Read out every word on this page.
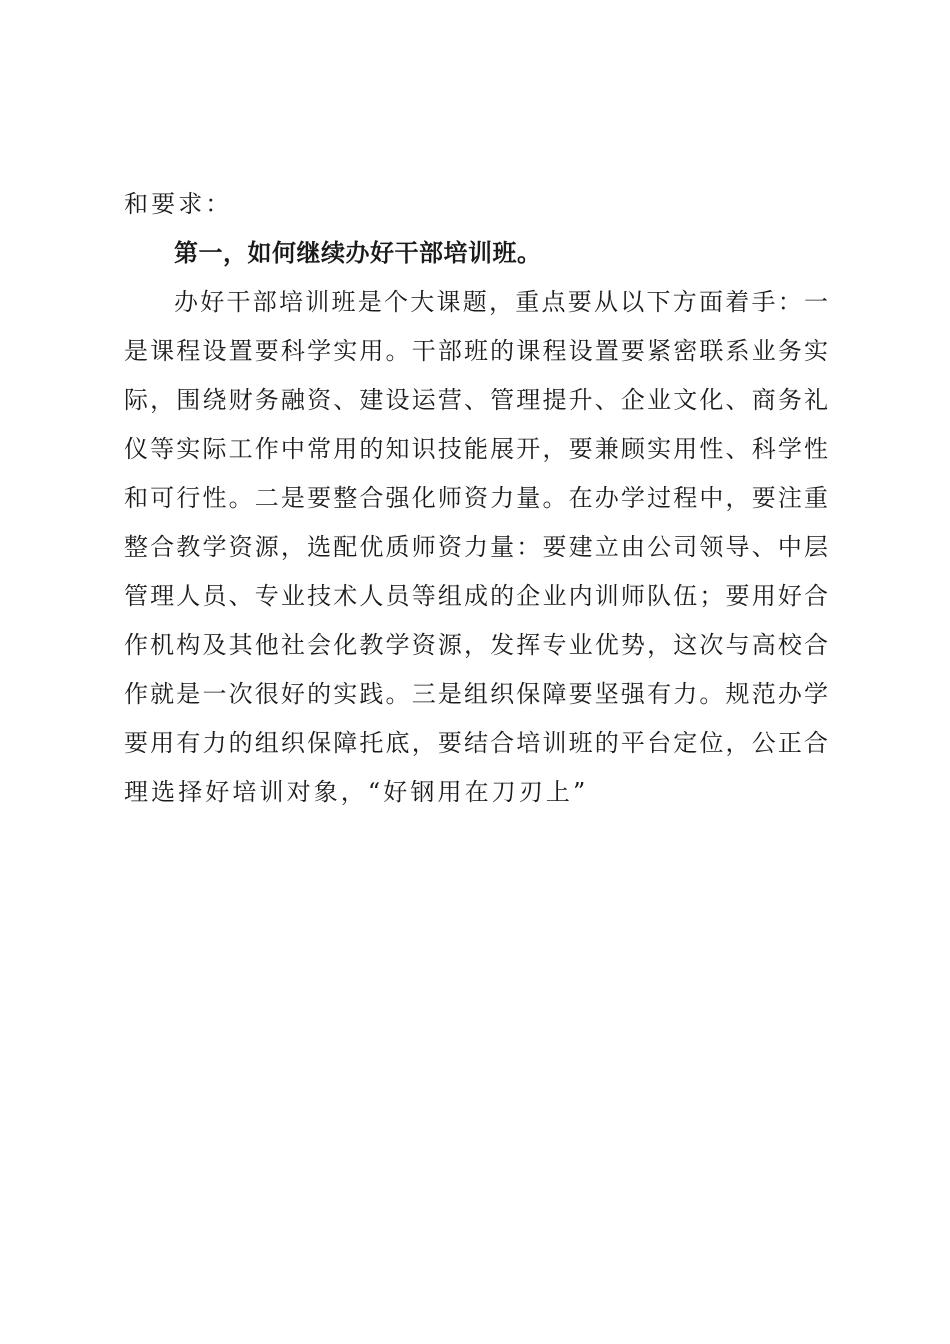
和要求：
第一，如何继续办好干部培训班。
办好干部培训班是个大课题，重点要从以下方面着手：一
是课程设置要科学实用。干部班的课程设置要紧密联系业务实
际，围绕财务融资、建设运营、管理提升、企业文化、商务礼
仪等实际工作中常用的知识技能展开，要兼顾实用性、科学性
和可行性。二是要整合强化师资力量。在办学过程中，要注重
整合教学资源，选配优质师资力量：要建立由公司领导、中层
管理人员、专业技术人员等组成的企业内训师队伍；要用好合
作机构及其他社会化教学资源，发挥专业优势，这次与高校合
作就是一次很好的实践。三是组织保障要坚强有力。规范办学
要用有力的组织保障托底，要结合培训班的平台定位，公正合
理选择好培训对象，“好钢用在刀刃上”
